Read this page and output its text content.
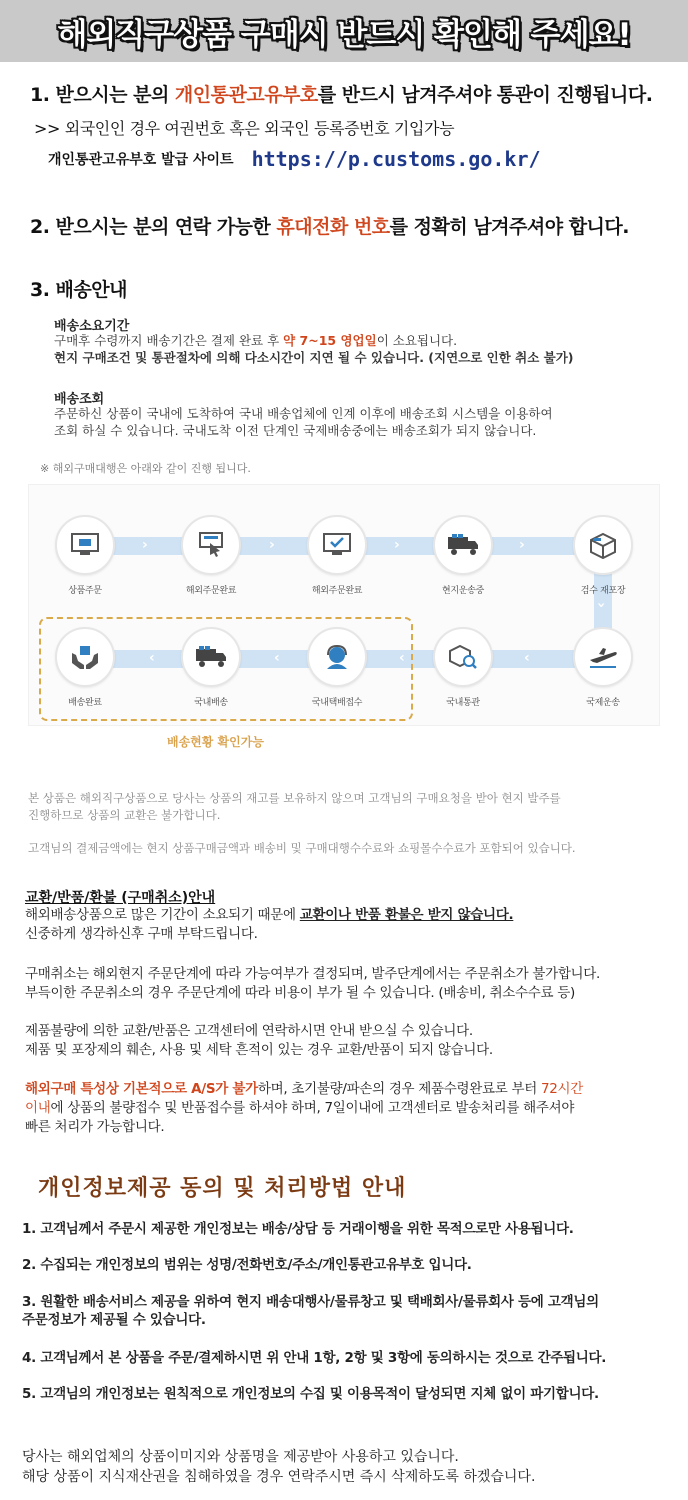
해외직구상품 구매시 반드시 확인해 주세요!
1. 받으시는 분의 개인통관고유부호를 반드시 남겨주셔야 통관이 진행됩니다.
>> 외국인인 경우 여권번호 혹은 외국인 등록증번호 기입가능
개인통관고유부호 발급 사이트 https://p.customs.go.kr/
2. 받으시는 분의 연락 가능한 휴대전화 번호를 정확히 남겨주셔야 합니다.
3. 배송안내
배송소요기간
구매후 수령까지 배송기간은 결제 완료 후 약 7~15 영업일이 소요됩니다.
현지 구매조건 및 통관절차에 의해 다소시간이 지연 될 수 있습니다. (지연으로 인한 취소 불가)
배송조회
주문하신 상품이 국내에 도착하여 국내 배송업체에 인계 이후에 배송조회 시스템을 이용하여
조회 하실 수 있습니다. 국내도착 이전 단계인 국제배송중에는 배송조회가 되지 않습니다.
※ 해외구매대행은 아래와 같이 진행 됩니다.
›	›	›	›
›
‹	‹	‹	‹
상품주문	해외주문완료	해외주문완료	현지운송중	검수 재포장
배송완료	국내배송	국내택배접수	국내통관	국제운송
배송현황 확인가능
본 상품은 해외직구상품으로 당사는 상품의 재고를 보유하지 않으며 고객님의 구매요청을 받아 현지 발주를
진행하므로 상품의 교환은 불가합니다.
고객님의 결제금액에는 현지 상품구매금액과 배송비 및 구매대행수수료와 쇼핑몰수수료가 포함되어 있습니다.
교환/반품/환불 (구매취소)안내
해외배송상품으로 많은 기간이 소요되기 때문에 교환이나 반품 환불은 받지 않습니다.
신중하게 생각하신후 구매 부탁드립니다.
구매취소는 해외현지 주문단계에 따라 가능여부가 결정되며, 발주단계에서는 주문취소가 불가합니다.
부득이한 주문취소의 경우 주문단계에 따라 비용이 부가 될 수 있습니다. (배송비, 취소수수료 등)
제품불량에 의한 교환/반품은 고객센터에 연락하시면 안내 받으실 수 있습니다.
제품 및 포장제의 훼손, 사용 및 세탁 흔적이 있는 경우 교환/반품이 되지 않습니다.
해외구매 특성상 기본적으로 A/S가 불가하며, 초기불량/파손의 경우 제품수령완료로 부터 72시간
이내에 상품의 불량접수 및 반품접수를 하셔야 하며, 7일이내에 고객센터로 발송처리를 해주셔야
빠른 처리가 가능합니다.
개인정보제공 동의 및 처리방법 안내
1. 고객님께서 주문시 제공한 개인정보는 배송/상담 등 거래이행을 위한 목적으로만 사용됩니다.
2. 수집되는 개인정보의 범위는 성명/전화번호/주소/개인통관고유부호 입니다.
3. 원활한 배송서비스 제공을 위하여 현지 배송대행사/물류창고 및 택배회사/물류회사 등에 고객님의
주문정보가 제공될 수 있습니다.
4. 고객님께서 본 상품을 주문/결제하시면 위 안내 1항, 2항 및 3항에 동의하시는 것으로 간주됩니다.
5. 고객님의 개인정보는 원칙적으로 개인정보의 수집 및 이용목적이 달성되면 지체 없이 파기합니다.
당사는 해외업체의 상품이미지와 상품명을 제공받아 사용하고 있습니다.
해당 상품이 지식재산권을 침해하였을 경우 연락주시면 즉시 삭제하도록 하겠습니다.
